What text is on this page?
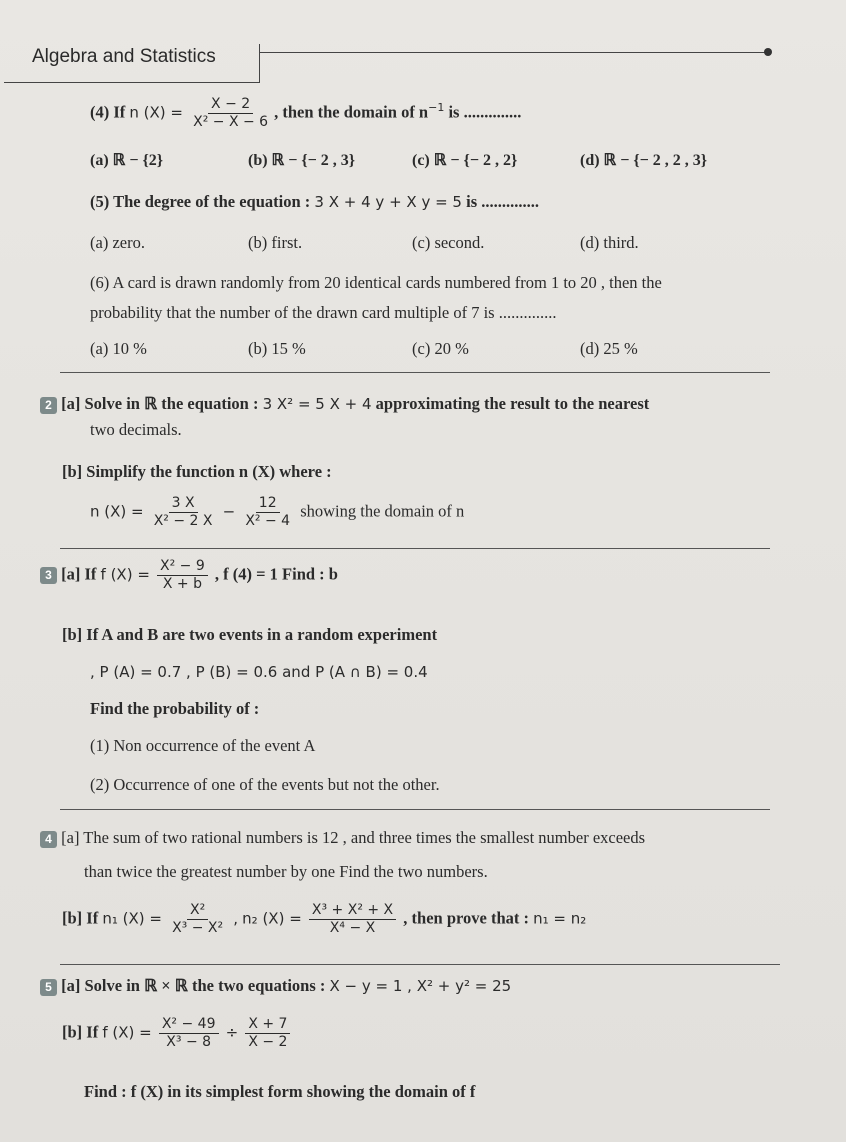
Algebra and Statistics
(4) If n $(X) = \frac{X - 2}{\text{X² − X − 6}}$ , then the domain of $n^{-1}$ is ..............
(a) ℝ − {2}	(b) ℝ − {− 2 , 3}	(c) ℝ − {− 2 , 2}	(d) ℝ − {− 2 , 2 , 3}
(5) The degree of the equation : 3 X + 4 y + X y = 5 is ..............
(a) zero.	(b) first.	(c) second.	(d) third.
(6) A card is drawn randomly from 20 identical cards numbered from 1 to 20 , then the
probability that the number of the drawn card multiple of 7 is ..............
(a) 10 %	(b) 15 %	(c) 20 %	(d) 25 %
2 [a] Solve in ℝ the equation : 3 X² = 5 X + 4 approximating the result to the nearest
two decimals.
[b] Simplify the function n (X) where :
n $(X) = \frac{3 X}{\text{X² − 2 X}} - \frac{12}{\text{X² − 4}}$ showing the domain of n
3 [a] If f $(X) = \frac{\text{X² − 9}}{X + b}$ , f (4) = 1 Find : b
[b] If A and B are two events in a random experiment
, P (A) = 0.7 , P (B) = 0.6 and P (A ∩ B) = 0.4
Find the probability of :
(1) Non occurrence of the event A
(2) Occurrence of one of the events but not the other.
4 [a] The sum of two rational numbers is 12 , and three times the smallest number exceeds
than twice the greatest number by one Find the two numbers.
[b] If n₁ $(X) = \frac{\text{X²}}{\text{X³ − X²}}$ , n₂ $(X) = \frac{\text{X³ + X² + X}}{\text{X⁴ − X}}$ , then prove that : n₁ = n₂
5 [a] Solve in ℝ × ℝ the two equations : X − y = 1 , X² + y² = 25
[b] If f $(X) = \frac{\text{X² − 49}}{\text{X³ − 8}} \div \frac{X + 7}{X - 2}$
Find : f (X) in its simplest form showing the domain of f
